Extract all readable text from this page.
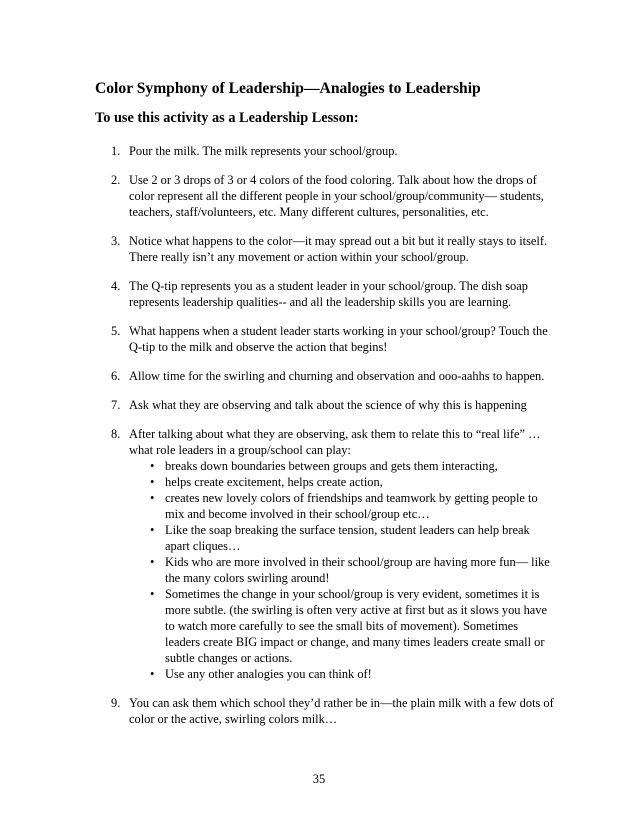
Color Symphony of Leadership—Analogies to Leadership
To use this activity as a Leadership Lesson:
1. Pour the milk. The milk represents your school/group.
2. Use 2 or 3 drops of 3 or 4 colors of the food coloring. Talk about how the drops of color represent all the different people in your school/group/community— students, teachers, staff/volunteers, etc. Many different cultures, personalities, etc.
3. Notice what happens to the color—it may spread out a bit but it really stays to itself. There really isn’t any movement or action within your school/group.
4. The Q-tip represents you as a student leader in your school/group. The dish soap represents leadership qualities-- and all the leadership skills you are learning.
5. What happens when a student leader starts working in your school/group? Touch the Q-tip to the milk and observe the action that begins!
6. Allow time for the swirling and churning and observation and ooo-aahhs to happen.
7. Ask what they are observing and talk about the science of why this is happening
8. After talking about what they are observing, ask them to relate this to “real life” …what role leaders in a group/school can play:
• breaks down boundaries between groups and gets them interacting,
• helps create excitement, helps create action,
• creates new lovely colors of friendships and teamwork by getting people to mix and become involved in their school/group etc…
• Like the soap breaking the surface tension, student leaders can help break apart cliques…
• Kids who are more involved in their school/group are having more fun— like the many colors swirling around!
• Sometimes the change in your school/group is very evident, sometimes it is more subtle. (the swirling is often very active at first but as it slows you have to watch more carefully to see the small bits of movement). Sometimes leaders create BIG impact or change, and many times leaders create small or subtle changes or actions.
• Use any other analogies you can think of!
9. You can ask them which school they’d rather be in—the plain milk with a few dots of color or the active, swirling colors milk…
35
